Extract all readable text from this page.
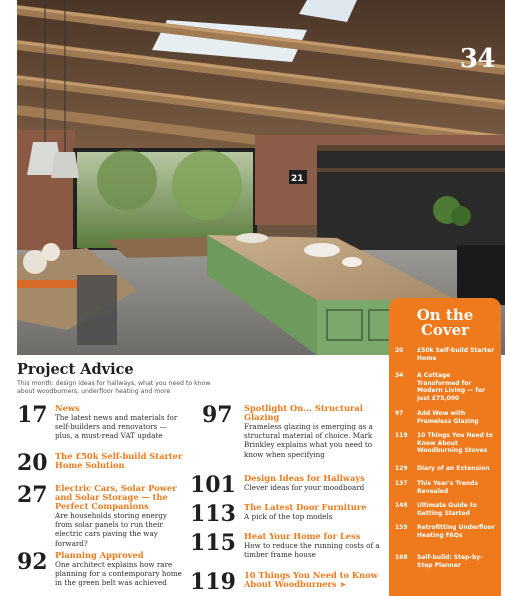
21
34
On the
Cover
20	£50k Self-build Starter Home
34	A Cottage Transformed for Modern Living — for just £75,000
97	Add Wow with Frameless Glazing
119	10 Things You Need to Know About Woodburning Stoves
129	Diary of an Extension
137	This Year's Trends Revealed
148	Ultimate Guide to Getting Started
159	Retrofitting Underfloor Heating FAQs
168	Self-build: Step-by-Step Planner
Project Advice
This month: design ideas for hallways, what you need to know about woodburners, underfloor heating and more
17 News
The latest news and materials for self-builders and renovators — plus, a must-read VAT update
20 The £50k Self-build Starter Home Solution
27 Electric Cars, Solar Power and Solar Storage — the Perfect Companions
Are households storing energy from solar panels to run their electric cars paving the way forward?
92 Planning Approved
One architect explains how rare planning for a contemporary home in the green belt was achieved
97	Spotlight On... Structural Glazing
Frameless glazing is emerging as a structural material of choice. Mark Brinkley explains what you need to know when specifying
101 Design Ideas for Hallways
Clever ideas for your moodboard
113 The Latest Door Furniture
A pick of the top models
115 Heat Your Home for Less
How to reduce the running costs of a timber frame house
119 10 Things You Need to Know About Woodburners ➤
